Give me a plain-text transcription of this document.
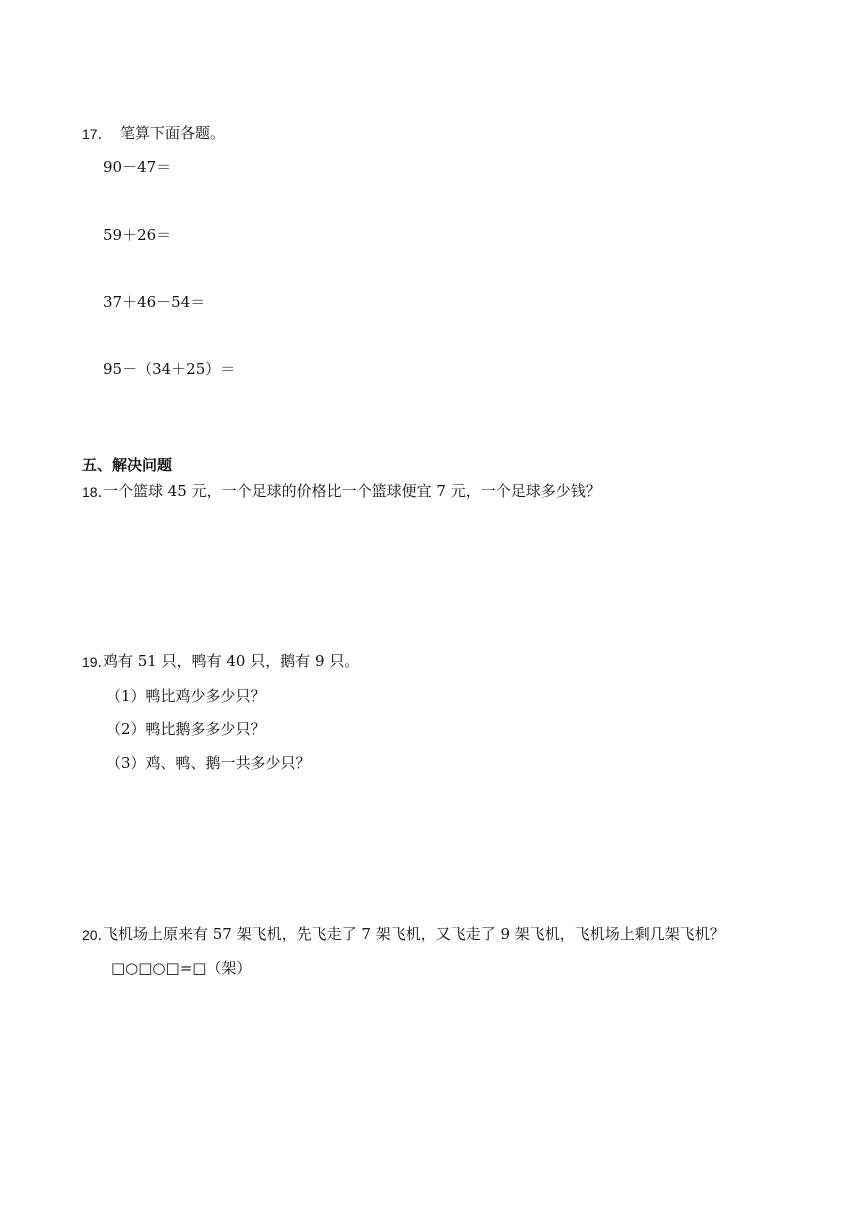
17． 笔算下面各题。
90－47＝
59＋26＝
37＋46－54＝
95－（34＋25）＝
五、解决问题
18．
一个篮球 45 元，一个足球的价格比一个篮球便宜 7 元，一个足球多少钱？
19．
鸡有 51 只，鸭有 40 只，鹅有 9 只。
（1）鸭比鸡少多少只？
（2）鸭比鹅多多少只？
（3）鸡、鸭、鹅一共多少只？
20．
飞机场上原来有 57 架飞机，先飞走了 7 架飞机，又飞走了 9 架飞机，飞机场上剩几架飞机？
□○□○□=□（架）
